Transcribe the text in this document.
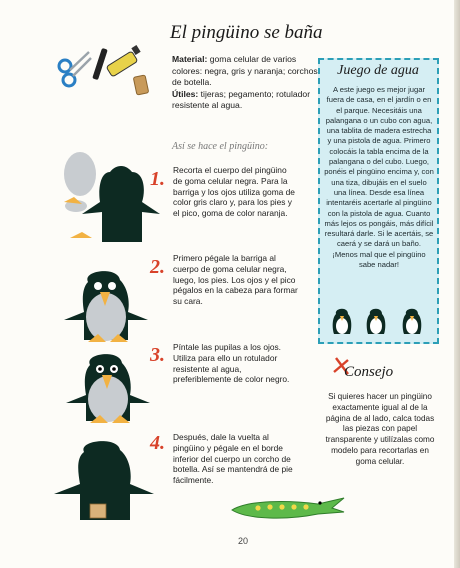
El pingüino se baña
Material: goma celular de varios colores: negra, gris y naranja; corchos de botella.
Útiles: tijeras; pegamento; rotulador resistente al agua.
Así se hace el pingüino:
1. Recorta el cuerpo del pingüino de goma celular negra. Para la barriga y los ojos utiliza goma de color gris claro y, para los pies y el pico, goma de color naranja.
2. Primero pégale la barriga al cuerpo de goma celular negra, luego, los pies. Los ojos y el pico pégalos en la cabeza para formar su cara.
3. Píntale las pupilas a los ojos. Utiliza para ello un rotulador resistente al agua, preferiblemente de color negro.
4. Después, dale la vuelta al pingüino y pégale en el borde inferior del cuerpo un corcho de botella. Así se mantendrá de pie fácilmente.
Juego de agua
A este juego es mejor jugar fuera de casa, en el jardín o en el parque. Necesitáis una palangana o un cubo con agua, una tablita de madera estrecha y una pistola de agua. Primero colocáis la tabla encima de la palangana o del cubo. Luego, ponéis el pingüino encima y, con una tiza, dibujáis en el suelo una línea. Desde esa línea intentaréis acertarle al pingüino con la pistola de agua. Cuanto más lejos os pongáis, más difícil resultará darle. Si le acertáis, se caerá y se dará un baño. ¡Menos mal que el pingüino sabe nadar!
Consejo
Si quieres hacer un pingüino exactamente igual al de la página de al lado, calca todas las piezas con papel transparente y utilízalas como modelo para recortarlas en goma celular.
20
